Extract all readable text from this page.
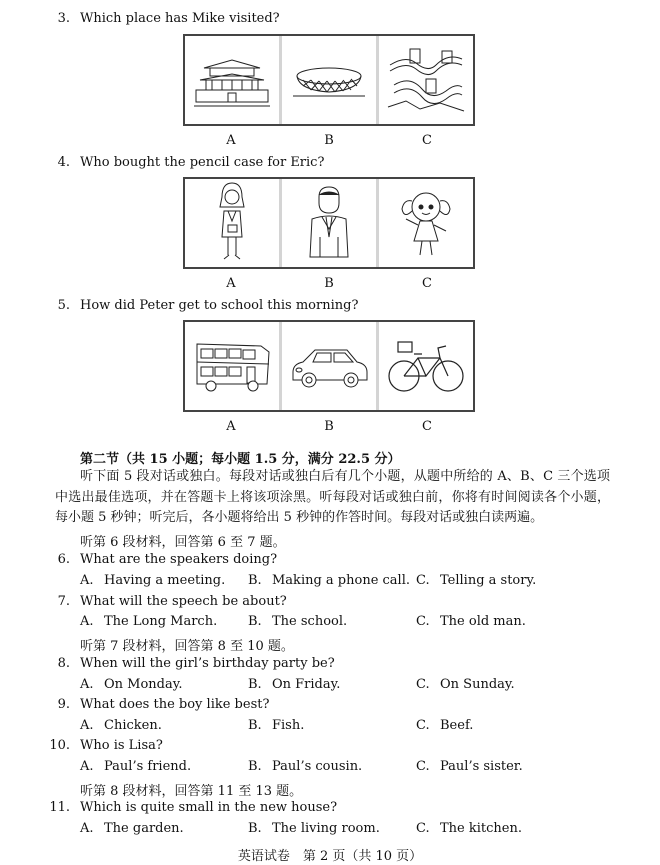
3. Which place has Mike visited?
A	B	C
4. Who bought the pencil case for Eric?
A	B	C
5. How did Peter get to school this morning?
A	B	C
第二节（共 15 小题；每小题 1.5 分，满分 22.5 分）
听下面 5 段对话或独白。每段对话或独白后有几个小题，从题中所给的 A、B、C 三个选项中选出最佳选项，并在答题卡上将该项涂黑。听每段对话或独白前，你将有时间阅读各个小题，每小题 5 秒钟；听完后，各小题将给出 5 秒钟的作答时间。每段对话或独白读两遍。
听第 6 段材料，回答第 6 至 7 题。
6. What are the speakers doing?
A. Having a meeting. B. Making a phone call. C. Telling a story.
7. What will the speech be about?
A. The Long March. B. The school.	C. The old man.
听第 7 段材料，回答第 8 至 10 题。
8. When will the girl’s birthday party be?
A. On Monday.	B. On Friday.	C. On Sunday.
9. What does the boy like best?
A. Chicken.	B. Fish.	C. Beef.
10. Who is Lisa?
A. Paul’s friend.	B. Paul’s cousin.	C. Paul’s sister.
听第 8 段材料，回答第 11 至 13 题。
11. Which is quite small in the new house?
A. The garden.	B. The living room.	C. The kitchen.
英语试卷　第 2 页（共 10 页）
